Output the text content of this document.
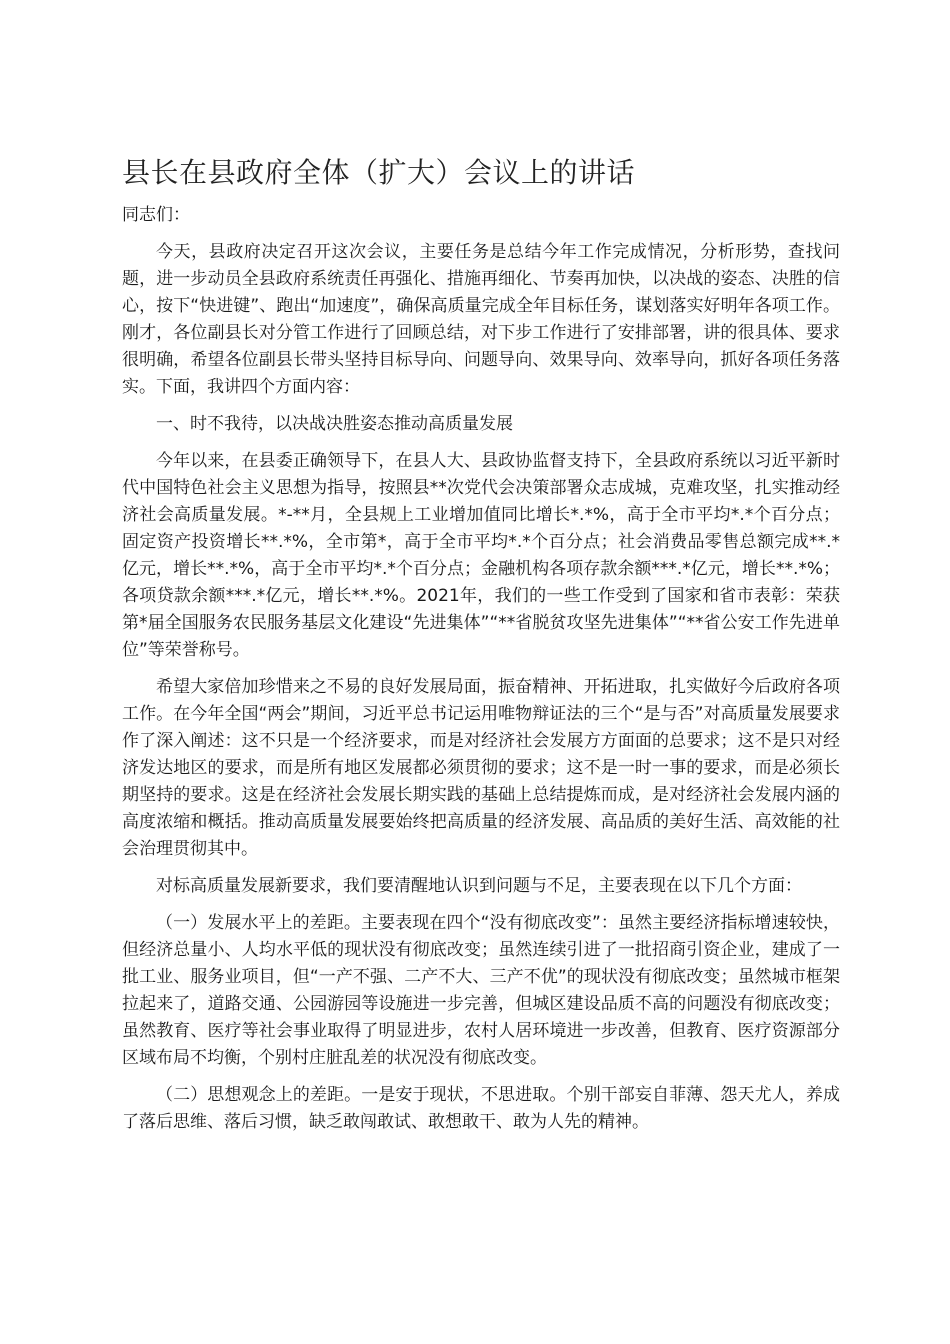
县长在县政府全体（扩大）会议上的讲话

同志们：

今天，县政府决定召开这次会议，主要任务是总结今年工作完成情况，分析形势，查找问题，进一步动员全县政府系统责任再强化、措施再细化、节奏再加快，以决战的姿态、决胜的信心，按下“快进键”、跑出“加速度”，确保高质量完成全年目标任务，谋划落实好明年各项工作。刚才，各位副县长对分管工作进行了回顾总结，对下步工作进行了安排部署，讲的很具体、要求很明确，希望各位副县长带头坚持目标导向、问题导向、效果导向、效率导向，抓好各项任务落实。下面，我讲四个方面内容：

一、时不我待，以决战决胜姿态推动高质量发展

今年以来，在县委正确领导下，在县人大、县政协监督支持下，全县政府系统以习近平新时代中国特色社会主义思想为指导，按照县**次党代会决策部署众志成城，克难攻坚，扎实推动经济社会高质量发展。*-**月，全县规上工业增加值同比增长*.*%，高于全市平均*.*个百分点；固定资产投资增长**.*%，全市第*，高于全市平均*.*个百分点；社会消费品零售总额完成**.*亿元，增长**.*%，高于全市平均*.*个百分点；金融机构各项存款余额***.*亿元，增长**.*%；各项贷款余额***.*亿元，增长**.*%。2021年，我们的一些工作受到了国家和省市表彰：荣获第*届全国服务农民服务基层文化建设“先进集体”“**省脱贫攻坚先进集体”“**省公安工作先进单位”等荣誉称号。

希望大家倍加珍惜来之不易的良好发展局面，振奋精神、开拓进取，扎实做好今后政府各项工作。在今年全国“两会”期间，习近平总书记运用唯物辩证法的三个“是与否”对高质量发展要求作了深入阐述：这不只是一个经济要求，而是对经济社会发展方方面面的总要求；这不是只对经济发达地区的要求，而是所有地区发展都必须贯彻的要求；这不是一时一事的要求，而是必须长期坚持的要求。这是在经济社会发展长期实践的基础上总结提炼而成，是对经济社会发展内涵的高度浓缩和概括。推动高质量发展要始终把高质量的经济发展、高品质的美好生活、高效能的社会治理贯彻其中。

对标高质量发展新要求，我们要清醒地认识到问题与不足，主要表现在以下几个方面：

（一）发展水平上的差距。主要表现在四个“没有彻底改变”：虽然主要经济指标增速较快，但经济总量小、人均水平低的现状没有彻底改变；虽然连续引进了一批招商引资企业，建成了一批工业、服务业项目，但“一产不强、二产不大、三产不优”的现状没有彻底改变；虽然城市框架拉起来了，道路交通、公园游园等设施进一步完善，但城区建设品质不高的问题没有彻底改变；虽然教育、医疗等社会事业取得了明显进步，农村人居环境进一步改善，但教育、医疗资源部分区域布局不均衡，个别村庄脏乱差的状况没有彻底改变。

（二）思想观念上的差距。一是安于现状，不思进取。个别干部妄自菲薄、怨天尤人，养成了落后思维、落后习惯，缺乏敢闯敢试、敢想敢干、敢为人先的精神。
